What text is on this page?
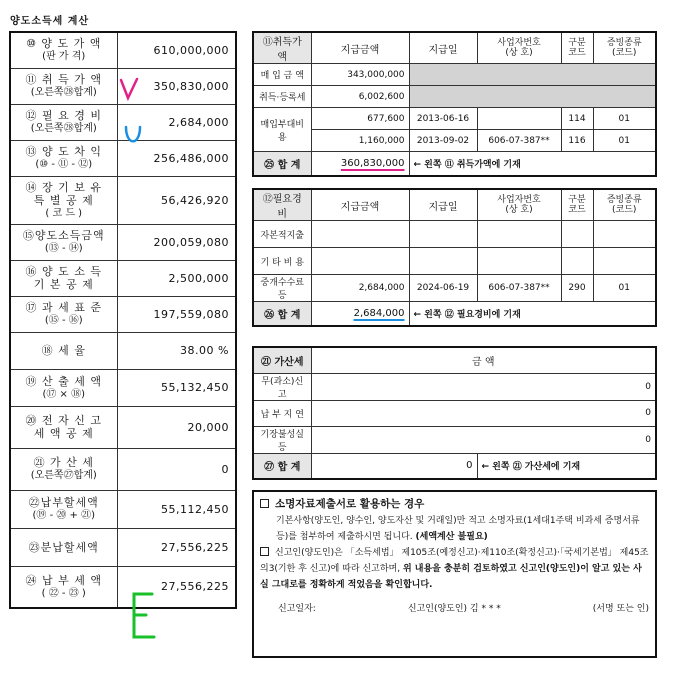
양도소득세 계산
⑩ 양 도 가 액
(판 가 격)	610,000,000

⑪ 취 득 가 액
(오른쪽㉘합계)	350,830,000

⑫ 필 요 경 비
(오른쪽㉘합계)	2,684,000

⑬ 양 도 차 익
(⑩ - ⑪ - ⑫)	256,486,000

⑭ 장 기 보 유
특 별 공 제
( 코 드 )	56,426,920

⑮양도소득금액
(⑬ - ⑭)	200,059,080

⑯ 양 도 소 득
기 본 공 제	2,500,000

⑰ 과 세 표 준
(⑮ - ⑯)	197,559,080

⑱ 세 율	38.00 %

⑲ 산 출 세 액
(⑰ × ⑱)	55,132,450

⑳ 전 자 신 고
세 액 공 제	20,000

㉑ 가 산 세
(오른쪽㉗합계)	0

㉒납부할세액
(⑲ - ⑳ + ㉑)	55,112,450

㉓분납할세액	27,556,225

㉔ 납 부 세 액
( ㉒ - ㉓ )	27,556,225
⑪취득가액	지급금액	지급일	사업자번호
(상 호)	구분
코드	증빙종류
(코드)
매 입 금 액	343,000,000				
취득·등록세	6,002,600				
매입부대비용	677,600	2013-06-16		114	01
	1,160,000	2013-09-02	606-07-387**	116	01
㉕ 합 계	360,830,000	← 왼쪽 ⑪ 취득가액에 기재			
⑫필요경비	지급금액	지급일	사업자번호
(상 호)	구분
코드	증빙종류
(코드)
자본적지출					
기 타 비 용					
중개수수료등	2,684,000	2024-06-19	606-07-387**	290	01
㉖ 합 계	2,684,000	← 왼쪽 ⑫ 필요경비에 기재			
㉑ 가산세	금 액	
무(과소)신고	0	
납 부 지 연	0	
기장불성실등	0	
㉗ 합 계	0	← 왼쪽 ㉑ 가산세에 기재
소명자료제출서로 활용하는 경우
기본사항(양도인, 양수인, 양도자산 및 거래일)만 적고 소명자료(1세대1주택 비과세 증명서류 등)를 첨부하여 제출하시면 됩니다. (세액계산 불필요)
신고인(양도인)은 「소득세법」 제105조(예정신고)·제110조(확정신고)·「국세기본법」 제45조의3(기한 후 신고)에 따라 신고하며, 위 내용을 충분히 검토하였고 신고인(양도인)이 알고 있는 사실 그대로를 정확하게 적었음을 확인합니다.
신고일자:	신고인(양도인) 김 * * *	(서명 또는 인)
